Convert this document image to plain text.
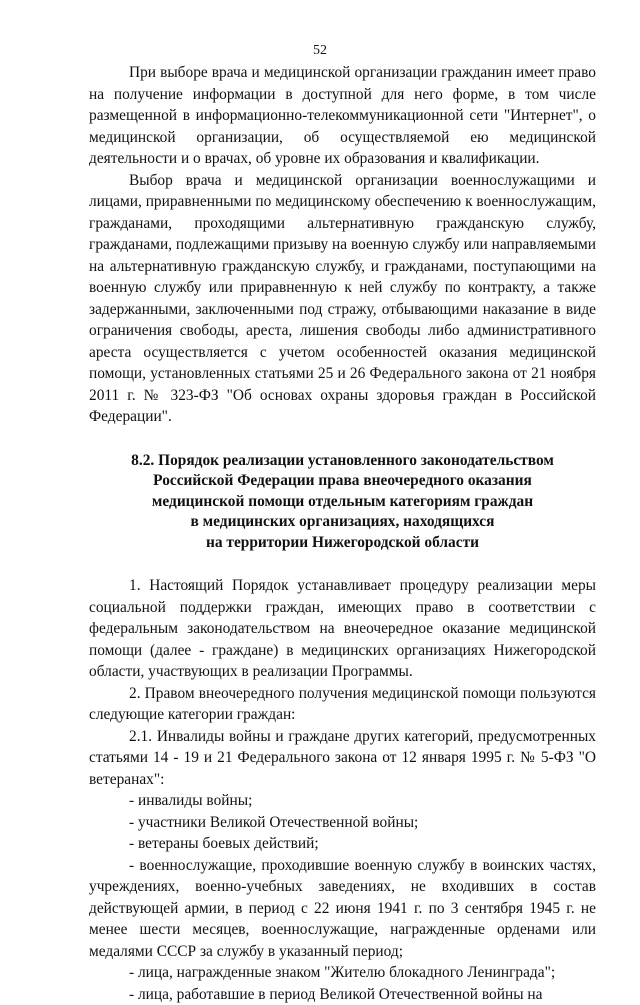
52

При выборе врача и медицинской организации гражданин имеет право на получение информации в доступной для него форме, в том числе размещенной в информационно-телекоммуникационной сети "Интернет", о медицинской организации, об осуществляемой ею медицинской деятельности и о врачах, об уровне их образования и квалификации.

Выбор врача и медицинской организации военнослужащими и лицами, приравненными по медицинскому обеспечению к военнослужащим, гражданами, проходящими альтернативную гражданскую службу, гражданами, подлежащими призыву на военную службу или направляемыми на альтернативную гражданскую службу, и гражданами, поступающими на военную службу или приравненную к ней службу по контракту, а также задержанными, заключенными под стражу, отбывающими наказание в виде ограничения свободы, ареста, лишения свободы либо административного ареста осуществляется с учетом особенностей оказания медицинской помощи, установленных статьями 25 и 26 Федерального закона от 21 ноября 2011 г. № 323-ФЗ "Об основах охраны здоровья граждан в Российской Федерации".

8.2. Порядок реализации установленного законодательством
Российской Федерации права внеочередного оказания
медицинской помощи отдельным категориям граждан
в медицинских организациях, находящихся
на территории Нижегородской области

1. Настоящий Порядок устанавливает процедуру реализации меры социальной поддержки граждан, имеющих право в соответствии с федеральным законодательством на внеочередное оказание медицинской помощи (далее - граждане) в медицинских организациях Нижегородской области, участвующих в реализации Программы.

2. Правом внеочередного получения медицинской помощи пользуются следующие категории граждан:

2.1. Инвалиды войны и граждане других категорий, предусмотренных статьями 14 - 19 и 21 Федерального закона от 12 января 1995 г. № 5-ФЗ "О ветеранах":

- инвалиды войны;

- участники Великой Отечественной войны;

- ветераны боевых действий;

- военнослужащие, проходившие военную службу в воинских частях, учреждениях, военно-учебных заведениях, не входивших в состав действующей армии, в период с 22 июня 1941 г. по 3 сентября 1945 г. не менее шести месяцев, военнослужащие, награжденные орденами или медалями СССР за службу в указанный период;

- лица, награжденные знаком "Жителю блокадного Ленинграда";

- лица, работавшие в период Великой Отечественной войны на
